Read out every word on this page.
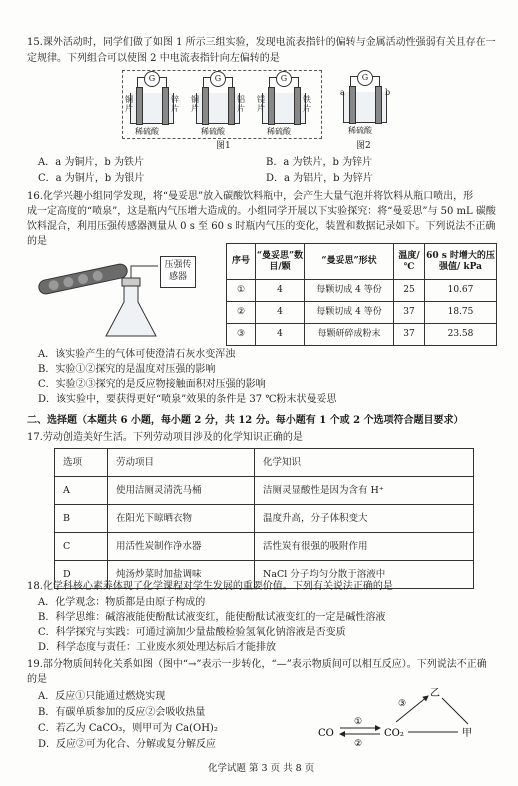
15.课外活动时，同学们做了如图 1 所示三组实验，发现电流表指针的偏转与金属活动性强弱有关且存在一
定规律。下列组合可以使图 2 中电流表指针向左偏转的是
G
铜片
锌片
稀硫酸
G
铜片
铝片
稀硫酸
G
镁片
铁片
稀硫酸
图1
G
a	b
稀硫酸
图2
A．a 为铜片，b 为铁片	B．a 为铁片，b 为锌片
C．a 为铜片，b 为银片	D．a 为铝片，b 为锌片
16.化学兴趣小组同学发现，将“曼妥思”放入碳酸饮料瓶中，会产生大量气泡并将饮料从瓶口喷出，形
成一定高度的“喷泉”，这是瓶内气压增大造成的。小组同学开展以下实验探究：将“曼妥思”与 50 mL 碳酸
饮料混合，利用压强传感器测量从 0 s 至 60 s 时瓶内气压的变化，装置和数据记录如下。下列说法不正确
的是
压强传感器
序号	“曼妥思”数目/颗	“曼妥思”形状	温度/ ℃	60 s 时增大的压强值/ kPa
①	4	每颗切成 4 等份	25	10.67
②	4	每颗切成 4 等份	37	18.75
③	4	每颗研碎成粉末	37	23.58
A．该实验产生的气体可使澄清石灰水变浑浊
B．实验①②探究的是温度对压强的影响
C．实验②③探究的是反应物接触面积对压强的影响
D．该实验中，要获得更好“喷泉”效果的条件是 37 ℃粉末状曼妥思
二、选择题（本题共 6 小题，每小题 2 分，共 12 分。每小题有 1 个或 2 个选项符合题目要求）
17.劳动创造美好生活。下列劳动项目涉及的化学知识正确的是
选项	劳动项目	化学知识
A	使用洁厕灵清洗马桶	洁厕灵显酸性是因为含有 H⁺
B	在阳光下晾晒衣物	温度升高，分子体积变大
C	用活性炭制作净水器	活性炭有很强的吸附作用
D	炖汤炒菜时加盐调味	NaCl 分子均匀分散于溶液中
18.化学科核心素养体现了化学课程对学生发展的重要价值。下列有关说法正确的是
A．化学观念：物质都是由原子构成的
B．科学思维：碱溶液能使酚酞试液变红，能使酚酞试液变红的一定是碱性溶液
C．科学探究与实践：可通过滴加少量盐酸检验氢氧化钠溶液是否变质
D．科学态度与责任：工业废水须处理达标后才能排放
19.部分物质间转化关系如图（图中“→”表示一步转化，“—”表示物质间可以相互反应）。下列说法不正确
的是
A．反应①只能通过燃烧实现
B．有碳单质参加的反应②会吸收热量
C．若乙为 CaCO₃，则甲可为 Ca(OH)₂
D．反应②可为化合、分解或复分解反应
CO	CO₂
乙
甲
①
②
③
化学试题 第 3 页 共 8 页
